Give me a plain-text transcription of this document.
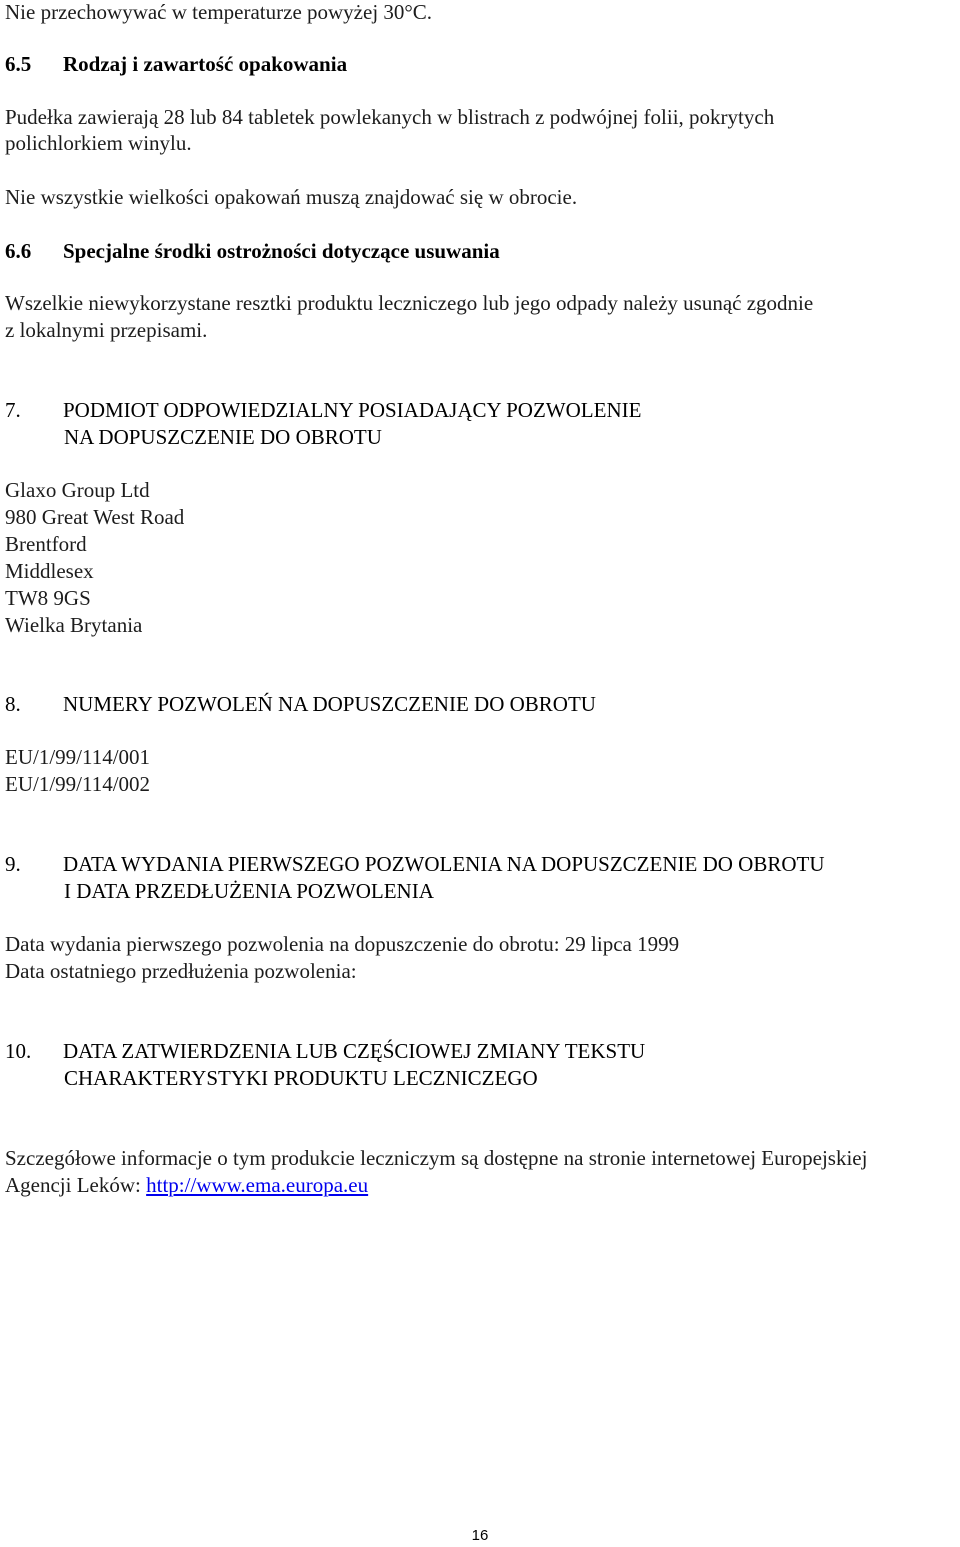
Nie przechowywać w temperaturze powyżej 30°C.

6.5 Rodzaj i zawartość opakowania

Pudełka zawierają 28 lub 84 tabletek powlekanych w blistrach z podwójnej folii, pokrytych

polichlorkiem winylu.

Nie wszystkie wielkości opakowań muszą znajdować się w obrocie.

6.6 Specjalne środki ostrożności dotyczące usuwania

Wszelkie niewykorzystane resztki produktu leczniczego lub jego odpady należy usunąć zgodnie

z lokalnymi przepisami.

7. PODMIOT ODPOWIEDZIALNY POSIADAJĄCY POZWOLENIE
NA DOPUSZCZENIE DO OBROTU
Glaxo Group Ltd
980 Great West Road
Brentford
Middlesex
TW8 9GS
Wielka Brytania
8. NUMERY POZWOLEŃ NA DOPUSZCZENIE DO OBROTU
EU/1/99/114/001
EU/1/99/114/002
9. DATA WYDANIA PIERWSZEGO POZWOLENIA NA DOPUSZCZENIE DO OBROTU
I DATA PRZEDŁUŻENIA POZWOLENIA

Data wydania pierwszego pozwolenia na dopuszczenie do obrotu: 29 lipca 1999

Data ostatniego przedłużenia pozwolenia:

10. DATA ZATWIERDZENIA LUB CZĘŚCIOWEJ ZMIANY TEKSTU
CHARAKTERYSTYKI PRODUKTU LECZNICZEGO

Szczegółowe informacje o tym produkcie leczniczym są dostępne na stronie internetowej Europejskiej

Agencji Leków: http://www.ema.europa.eu

16
